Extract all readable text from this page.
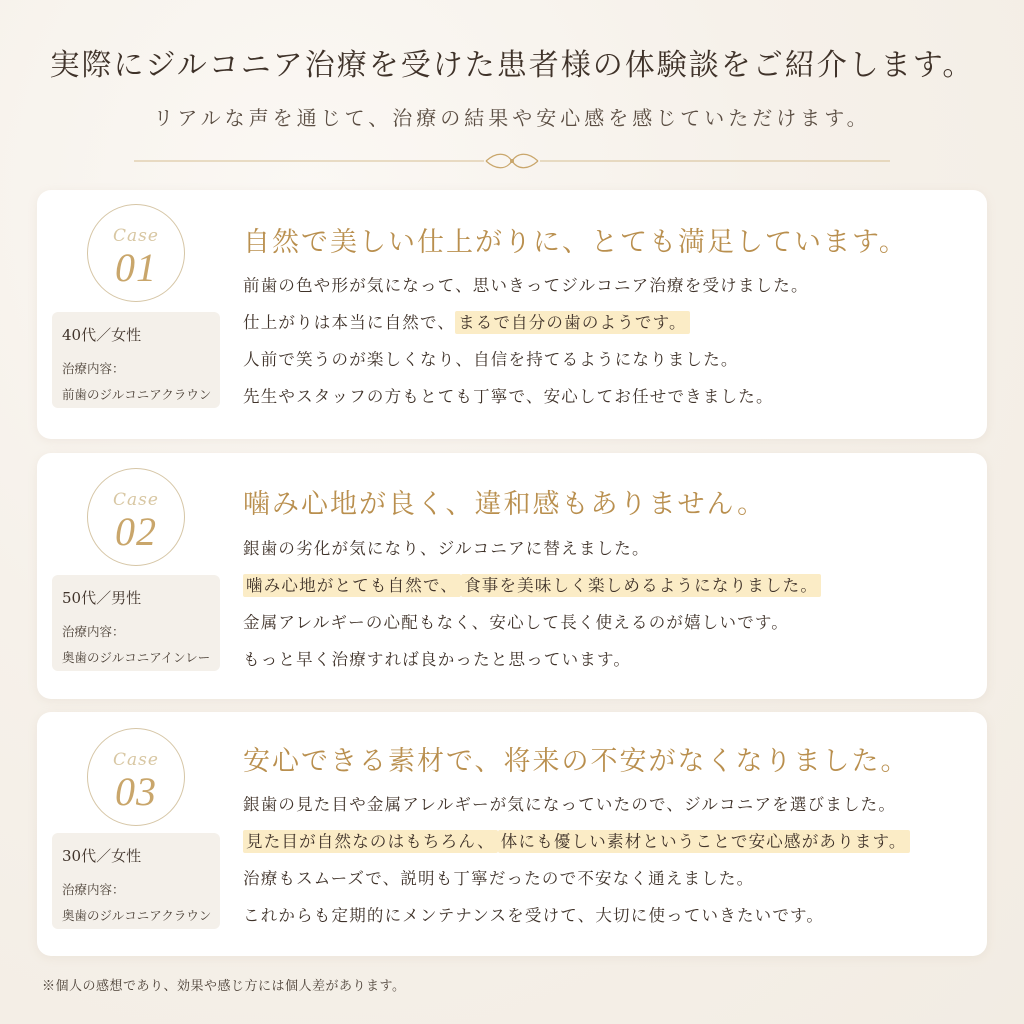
実際にジルコニア治療を受けた患者様の体験談をご紹介します。

リアルな声を通じて、治療の結果や安心感を感じていただけます。

Case
01
40代／女性
治療内容：
前歯のジルコニアクラウン
自然で美しい仕上がりに、とても満足しています。
前歯の色や形が気になって、思いきってジルコニア治療を受けました。
仕上がりは本当に自然で、 まるで自分の歯のようです。
人前で笑うのが楽しくなり、自信を持てるようになりました。
先生やスタッフの方もとても丁寧で、安心してお任せできました。
Case
02
50代／男性
治療内容：
奥歯のジルコニアインレー
噛み心地が良く、違和感もありません。
銀歯の劣化が気になり、ジルコニアに替えました。
噛み心地がとても自然で、 食事を美味しく楽しめるようになりました。
金属アレルギーの心配もなく、安心して長く使えるのが嬉しいです。
もっと早く治療すれば良かったと思っています。
Case
03
30代／女性
治療内容：
奥歯のジルコニアクラウン
安心できる素材で、将来の不安がなくなりました。
銀歯の見た目や金属アレルギーが気になっていたので、ジルコニアを選びました。
見た目が自然なのはもちろん、 体にも優しい素材ということで安心感があります。
治療もスムーズで、説明も丁寧だったので不安なく通えました。
これからも定期的にメンテナンスを受けて、大切に使っていきたいです。
※個人の感想であり、効果や感じ方には個人差があります。
